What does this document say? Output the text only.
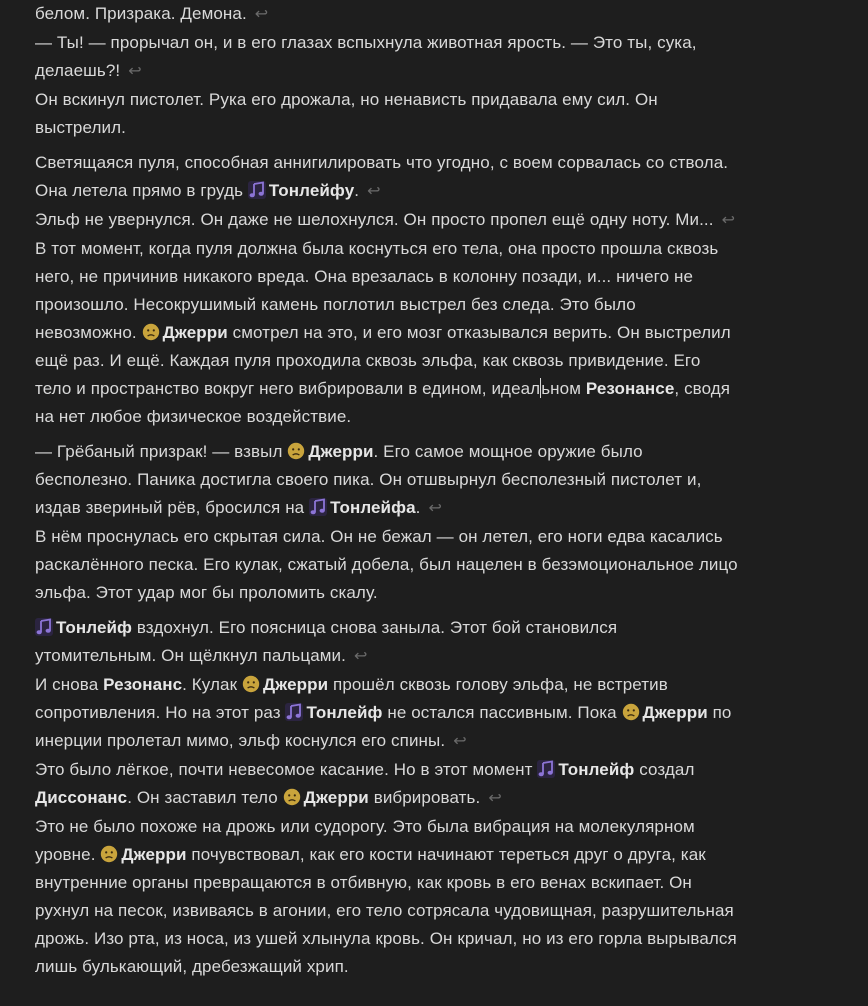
белом. Призрака. Демона. ↩

— Ты! — прорычал он, и в его глазах вспыхнула животная ярость. — Это ты, сука,
делаешь?! ↩

Он вскинул пистолет. Рука его дрожала, но ненависть придавала ему сил. Он
выстрелил.

Светящаяся пуля, способная аннигилировать что угодно, с воем сорвалась со ствола.
Она летела прямо в грудь Тонлейфу. ↩

Эльф не увернулся. Он даже не шелохнулся. Он просто пропел ещё одну ноту. Ми... ↩

В тот момент, когда пуля должна была коснуться его тела, она просто прошла сквозь
него, не причинив никакого вреда. Она врезалась в колонну позади, и... ничего не
произошло. Несокрушимый камень поглотил выстрел без следа. Это было
невозможно. Джерри смотрел на это, и его мозг отказывался верить. Он выстрелил
ещё раз. И ещё. Каждая пуля проходила сквозь эльфа, как сквозь привидение. Его
тело и пространство вокруг него вибрировали в едином, идеальном Резонансе, сводя
на нет любое физическое воздействие.

— Грёбаный призрак! — взвыл Джерри. Его самое мощное оружие было
бесполезно. Паника достигла своего пика. Он отшвырнул бесполезный пистолет и,
издав звериный рёв, бросился на Тонлейфа. ↩

В нём проснулась его скрытая сила. Он не бежал — он летел, его ноги едва касались
раскалённого песка. Его кулак, сжатый добела, был нацелен в безэмоциональное лицо
эльфа. Этот удар мог бы проломить скалу.

Тонлейф вздохнул. Его поясница снова заныла. Этот бой становился
утомительным. Он щёлкнул пальцами. ↩

И снова Резонанс. Кулак Джерри прошёл сквозь голову эльфа, не встретив
сопротивления. Но на этот раз Тонлейф не остался пассивным. Пока Джерри по
инерции пролетал мимо, эльф коснулся его спины. ↩

Это было лёгкое, почти невесомое касание. Но в этот момент Тонлейф создал
Диссонанс. Он заставил тело Джерри вибрировать. ↩

Это не было похоже на дрожь или судорогу. Это была вибрация на молекулярном
уровне. Джерри почувствовал, как его кости начинают тереться друг о друга, как
внутренние органы превращаются в отбивную, как кровь в его венах вскипает. Он
рухнул на песок, извиваясь в агонии, его тело сотрясала чудовищная, разрушительная
дрожь. Изо рта, из носа, из ушей хлынула кровь. Он кричал, но из его горла вырывался
лишь булькающий, дребезжащий хрип.
